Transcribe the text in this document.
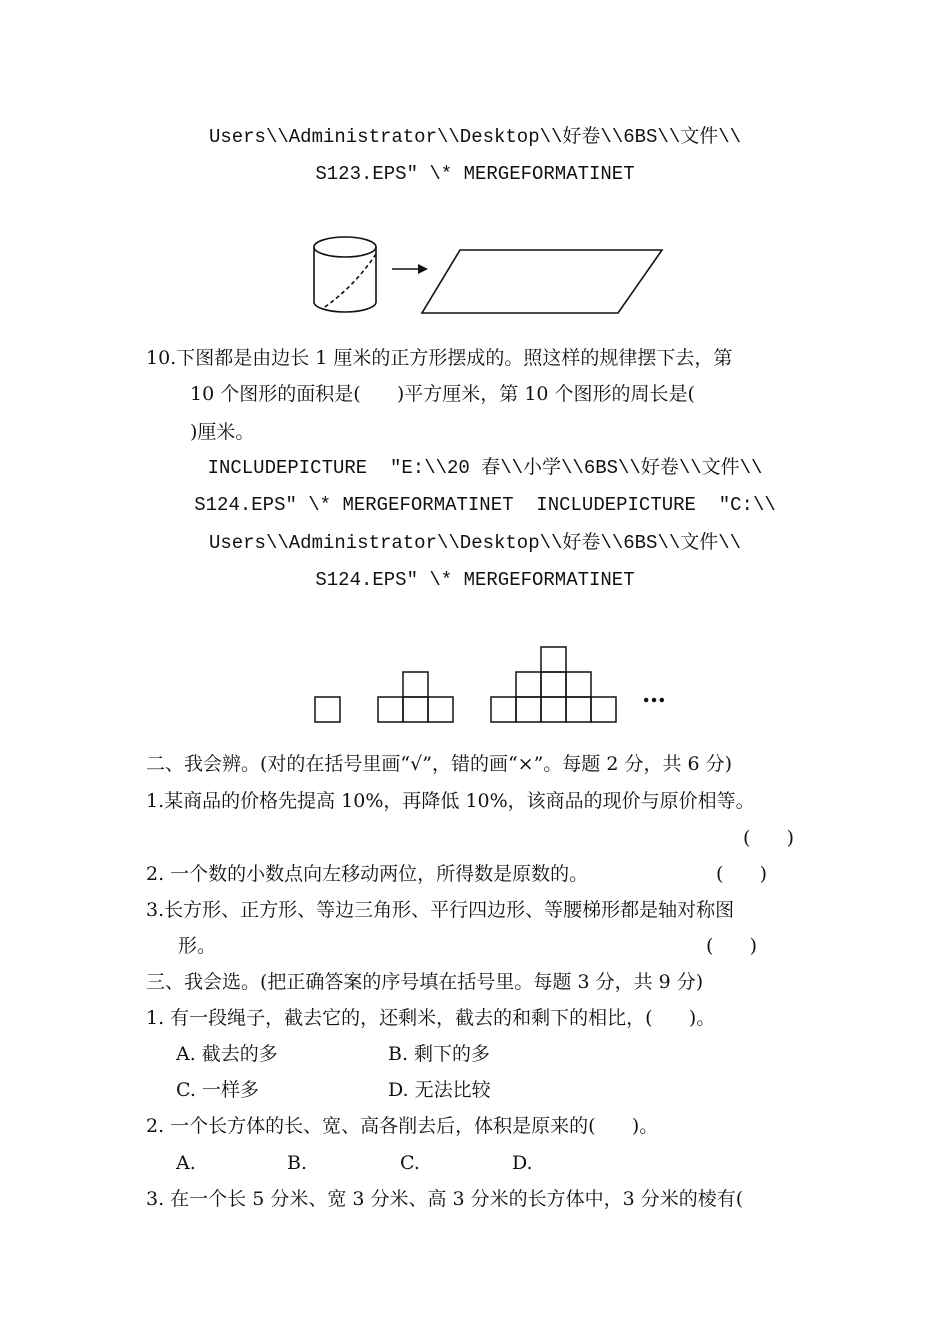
Users\\Administrator\\Desktop\\好卷\\6BS\\文件\\
S123.EPS″ \* MERGEFORMATINET
10.下图都是由边长 1 厘米的正方形摆成的。照这样的规律摆下去，第
10 个图形的面积是(      )平方厘米，第 10 个图形的周长是(
)厘米。
INCLUDEPICTURE  ″E:\\20 春\\小学\\6BS\\好卷\\文件\\
S124.EPS″ \* MERGEFORMATINET  INCLUDEPICTURE  ″C:\\
Users\\Administrator\\Desktop\\好卷\\6BS\\文件\\
S124.EPS″ \* MERGEFORMATINET
…
二、我会辨。(对的在括号里画“√”，错的画“×”。每题 2 分，共 6 分)
1.某商品的价格先提高 10%，再降低 10%，该商品的现价与原价相等。
(      )
2. 一个数的小数点向左移动两位，所得数是原数的。	(      )
3.长方形、正方形、等边三角形、平行四边形、等腰梯形都是轴对称图
形。	(      )
三、我会选。(把正确答案的序号填在括号里。每题 3 分，共 9 分)
1. 有一段绳子，截去它的，还剩米，截去的和剩下的相比，(      )。
A. 截去的多	B. 剩下的多
C. 一样多	D. 无法比较
2. 一个长方体的长、宽、高各削去后，体积是原来的(      )。
A.	B.	C.	D.
3. 在一个长 5 分米、宽 3 分米、高 3 分米的长方体中，3 分米的棱有(
